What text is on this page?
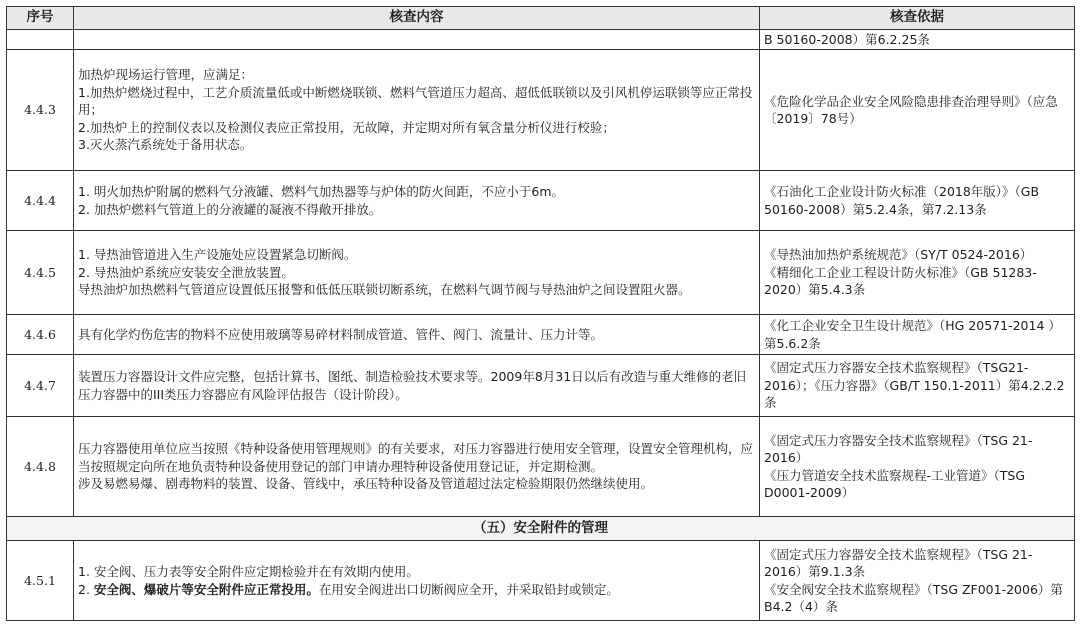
序号	核查内容	核查依据

		B 50160-2008）第6.2.25条

4.4.3	加热炉现场运行管理，应满足：
1.加热炉燃烧过程中，工艺介质流量低或中断燃烧联锁、燃料气管道压力超高、超低低联锁以及引风机停运联锁等应正常投用；
2.加热炉上的控制仪表以及检测仪表应正常投用，无故障，并定期对所有氧含量分析仪进行校验；
3.灭火蒸汽系统处于备用状态。	《危险化学品企业安全风险隐患排查治理导则》（应急〔2019〕78号）

4.4.4	1. 明火加热炉附属的燃料气分液罐、燃料气加热器等与炉体的防火间距，不应小于6m。
2. 加热炉燃料气管道上的分液罐的凝液不得敞开排放。	《石油化工企业设计防火标准（2018年版）》（GB 50160-2008）第5.2.4条，第7.2.13条

4.4.5	1. 导热油管道进入生产设施处应设置紧急切断阀。
2. 导热油炉系统应安装安全泄放装置。
导热油炉加热燃料气管道应设置低压报警和低低压联锁切断系统，在燃料气调节阀与导热油炉之间设置阻火器。	《导热油加热炉系统规范》（SY/T 0524-2016）
《精细化工企业工程设计防火标准》（GB 51283-2020）第5.4.3条

4.4.6	具有化学灼伤危害的物料不应使用玻璃等易碎材料制成管道、管件、阀门、流量计、压力计等。	《化工企业安全卫生设计规范》（HG 20571-2014 ）第5.6.2条

4.4.7	装置压力容器设计文件应完整，包括计算书、图纸、制造检验技术要求等。2009年8月31日以后有改造与重大维修的老旧压力容器中的III类压力容器应有风险评估报告（设计阶段）。	《固定式压力容器安全技术监察规程》（TSG21-2016）；《压力容器》（GB/T 150.1-2011）第4.2.2.2条

4.4.8	压力容器使用单位应当按照《特种设备使用管理规则》的有关要求，对压力容器进行使用安全管理，设置安全管理机构，应当按照规定向所在地负责特种设备使用登记的部门申请办理特种设备使用登记证，并定期检测。
涉及易燃易爆、剧毒物料的装置、设备、管线中，承压特种设备及管道超过法定检验期限仍然继续使用。	《固定式压力容器安全技术监察规程》（TSG 21-2016）
《压力管道安全技术监察规程-工业管道》（TSG D0001-2009）

（五）安全附件的管理		
4.5.1	1. 安全阀、压力表等安全附件应定期检验并在有效期内使用。
2. 安全阀、爆破片等安全附件应正常投用。在用安全阀进出口切断阀应全开，并采取铅封或锁定。	《固定式压力容器安全技术监察规程》（TSG 21-2016）第9.1.3条
《安全阀安全技术监察规程》（TSG ZF001-2006）第B4.2（4）条
